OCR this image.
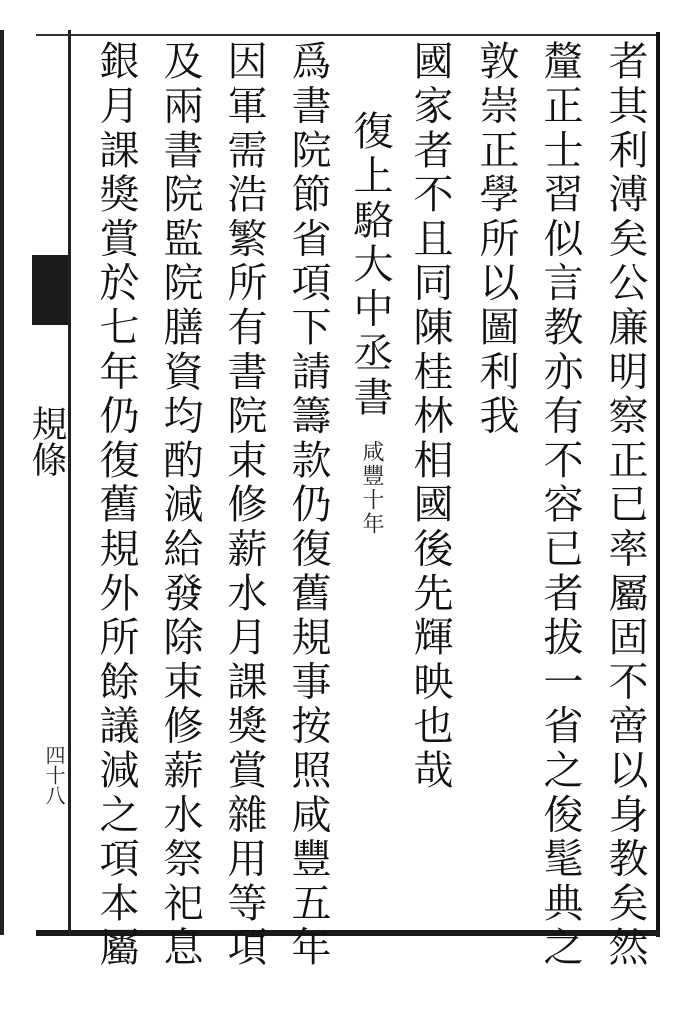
規條
四十八	者其利溥矣公廉明察正已率屬固不啻以身教矣然
釐正士習似言教亦有不容已者拔一省之俊髦典之
敦崇正學所以圖利我
國家者不且同陳桂林相國後先輝映也哉
復上駱大中丞書
咸豐十年
爲書院節省項下請籌款仍復舊規事按照咸豐五年
因軍需浩繁所有書院束修薪水月課獎賞雜用等項
及兩書院監院膳資均酌減給發除束修薪水祭祀息
銀月課獎賞於七年仍復舊規外所餘議減之項本屬
